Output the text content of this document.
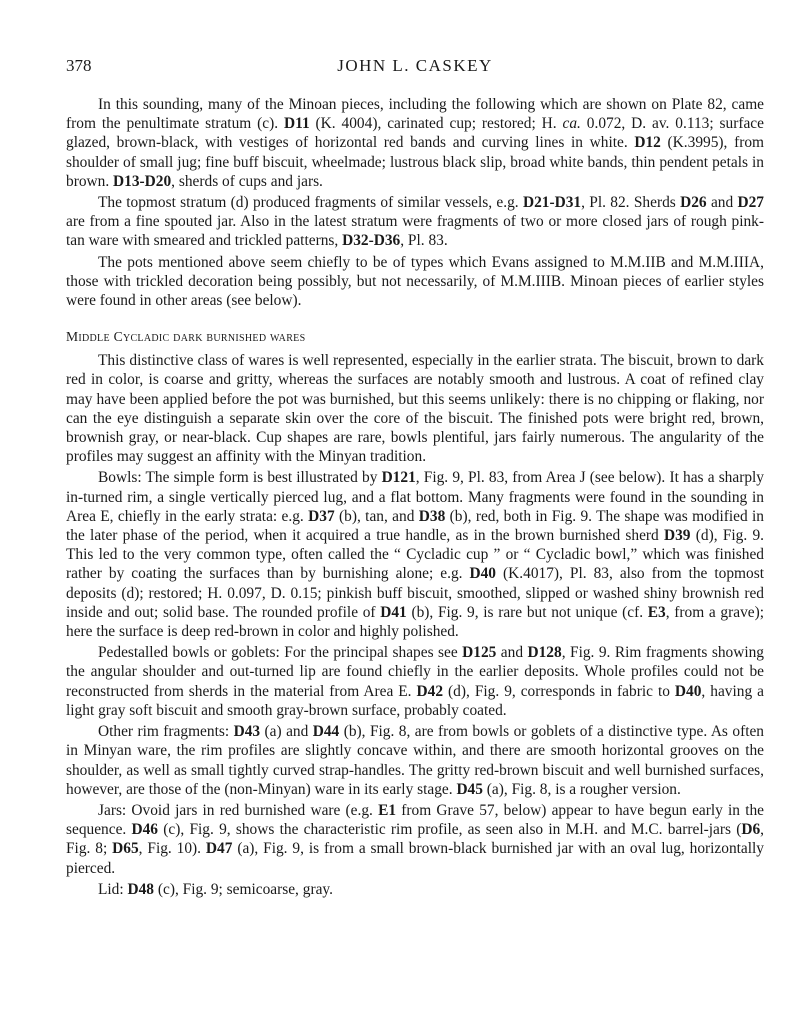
378	JOHN L. CASKEY

In this sounding, many of the Minoan pieces, including the following which are shown on Plate 82, came from the penultimate stratum (c). D11 (K. 4004), carinated cup; restored; H. ca. 0.072, D. av. 0.113; surface glazed, brown-black, with vestiges of horizontal red bands and curving lines in white. D12 (K.3995), from shoulder of small jug; fine buff biscuit, wheelmade; lustrous black slip, broad white bands, thin pendent petals in brown. D13-D20, sherds of cups and jars.

The topmost stratum (d) produced fragments of similar vessels, e.g. D21-D31, Pl. 82. Sherds D26 and D27 are from a fine spouted jar. Also in the latest stratum were fragments of two or more closed jars of rough pink-tan ware with smeared and trickled patterns, D32-D36, Pl. 83.

The pots mentioned above seem chiefly to be of types which Evans assigned to M.M.IIB and M.M.IIIA, those with trickled decoration being possibly, but not necessarily, of M.M.IIIB. Minoan pieces of earlier styles were found in other areas (see below).

Middle Cycladic dark burnished wares

This distinctive class of wares is well represented, especially in the earlier strata. The biscuit, brown to dark red in color, is coarse and gritty, whereas the surfaces are notably smooth and lustrous. A coat of refined clay may have been applied before the pot was burnished, but this seems unlikely: there is no chipping or flaking, nor can the eye distinguish a separate skin over the core of the biscuit. The finished pots were bright red, brown, brownish gray, or near-black. Cup shapes are rare, bowls plentiful, jars fairly numerous. The angularity of the profiles may suggest an affinity with the Minyan tradition.

Bowls: The simple form is best illustrated by D121, Fig. 9, Pl. 83, from Area J (see below). It has a sharply in-turned rim, a single vertically pierced lug, and a flat bottom. Many fragments were found in the sounding in Area E, chiefly in the early strata: e.g. D37 (b), tan, and D38 (b), red, both in Fig. 9. The shape was modified in the later phase of the period, when it acquired a true handle, as in the brown burnished sherd D39 (d), Fig. 9. This led to the very common type, often called the “ Cycladic cup ” or “ Cycladic bowl,” which was finished rather by coating the surfaces than by burnishing alone; e.g. D40 (K.4017), Pl. 83, also from the topmost deposits (d); restored; H. 0.097, D. 0.15; pinkish buff biscuit, smoothed, slipped or washed shiny brownish red inside and out; solid base. The rounded profile of D41 (b), Fig. 9, is rare but not unique (cf. E3, from a grave); here the surface is deep red-brown in color and highly polished.

Pedestalled bowls or goblets: For the principal shapes see D125 and D128, Fig. 9. Rim fragments showing the angular shoulder and out-turned lip are found chiefly in the earlier deposits. Whole profiles could not be reconstructed from sherds in the material from Area E. D42 (d), Fig. 9, corresponds in fabric to D40, having a light gray soft biscuit and smooth gray-brown surface, probably coated.

Other rim fragments: D43 (a) and D44 (b), Fig. 8, are from bowls or goblets of a distinctive type. As often in Minyan ware, the rim profiles are slightly concave within, and there are smooth horizontal grooves on the shoulder, as well as small tightly curved strap-handles. The gritty red-brown biscuit and well burnished surfaces, however, are those of the (non-Minyan) ware in its early stage. D45 (a), Fig. 8, is a rougher version.

Jars: Ovoid jars in red burnished ware (e.g. E1 from Grave 57, below) appear to have begun early in the sequence. D46 (c), Fig. 9, shows the characteristic rim profile, as seen also in M.H. and M.C. barrel-jars (D6, Fig. 8; D65, Fig. 10). D47 (a), Fig. 9, is from a small brown-black burnished jar with an oval lug, horizontally pierced.

Lid: D48 (c), Fig. 9; semicoarse, gray.
